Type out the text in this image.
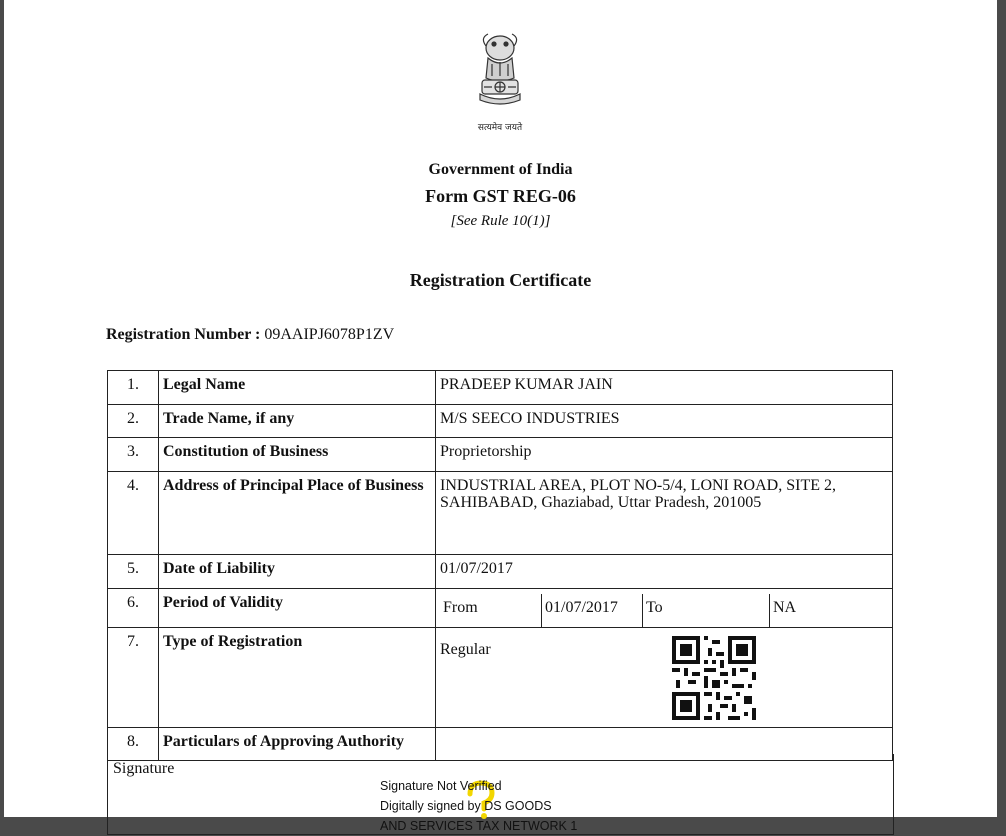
सत्यमेव जयते
Government of India
Form GST REG-06
[See Rule 10(1)]
Registration Certificate
Registration Number : 09AAIPJ6078P1ZV
1.	Legal Name	PRADEEP KUMAR JAIN
2.	Trade Name, if any	M/S SEECO INDUSTRIES
3.	Constitution of Business	Proprietorship
4.	Address of Principal Place of Business	INDUSTRIAL AREA, PLOT NO-5/4, LONI ROAD, SITE 2, SAHIBABAD, Ghaziabad, Uttar Pradesh, 201005
5.	Date of Liability	01/07/2017
6.	Period of Validity	From 01/07/2017 To NA

7.	Type of Registration	Regular

8.	Particulars of Approving Authority	
Signature
Signature Not Verified
Digitally signed by DS GOODS
AND SERVICES TAX NETWORK 1
